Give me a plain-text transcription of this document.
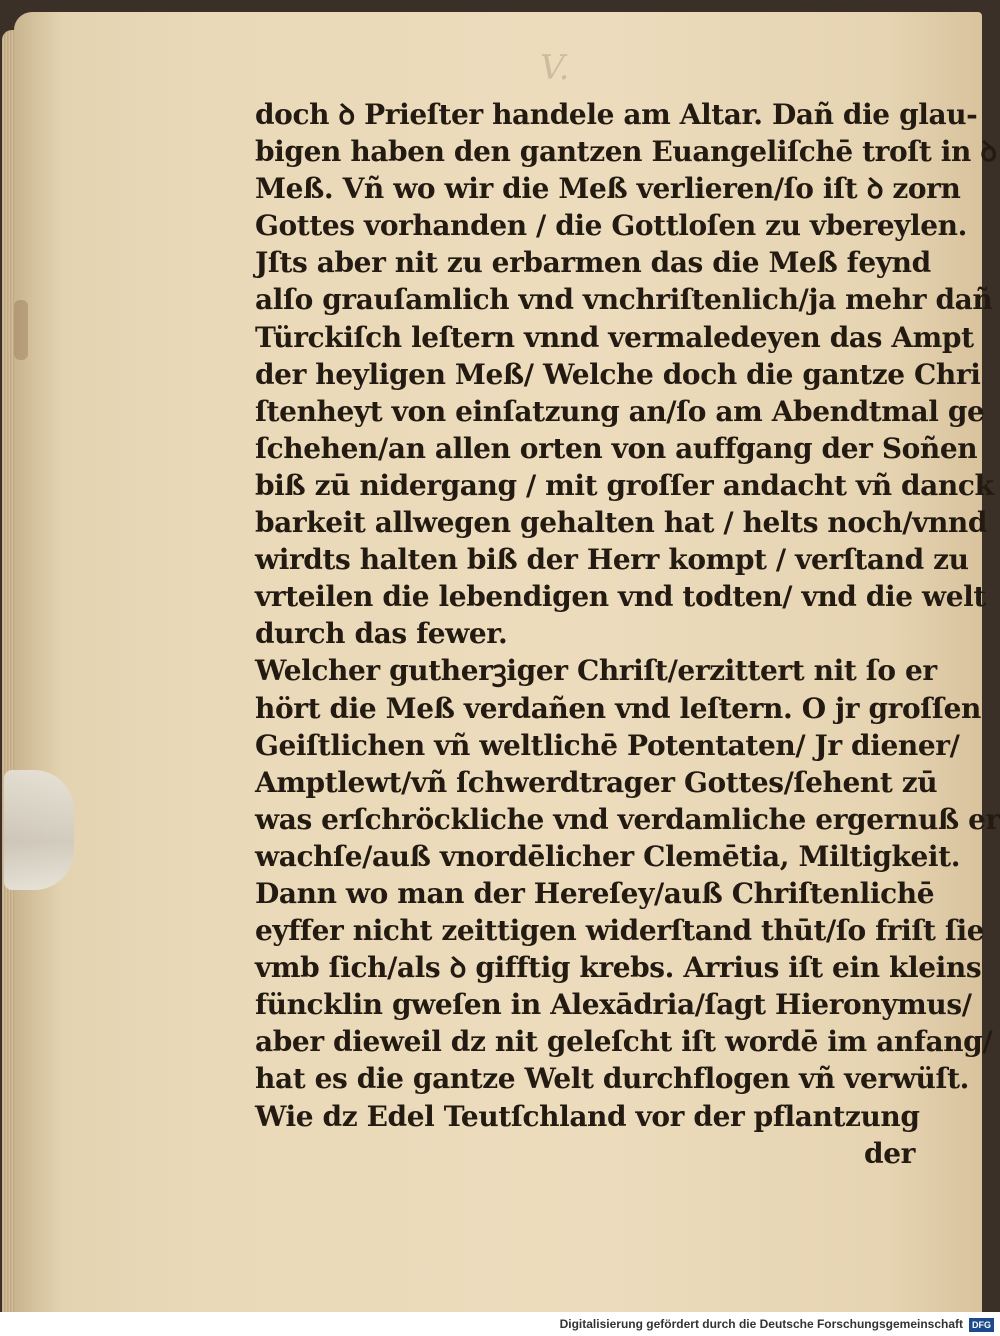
V.
doch ꝺ Prieſter handele am Altar. Dañ die glau-
bigen haben den gantzen Euangeliſchē troſt in ꝺ
Meß. Vñ wo wir die Meß verlieren/ſo iſt ꝺ zorn
Gottes vorhanden / die Gottloſen zu vbereylen.
Jſts aber nit zu erbarmen das die Meß feynd
alſo grauſamlich vnd vnchriſtenlich/ja mehr dañ
Türckiſch leſtern vnnd vermaledeyen das Ampt
der heyligen Meß/ Welche doch die gantze Chri
ſtenheyt von einſatzung an/ſo am Abendtmal ge
ſchehen/an allen orten von auffgang der Soñen
biß zū nidergang / mit groſſer andacht vñ danck
barkeit allwegen gehalten hat / helts noch/vnnd
wirdts halten biß der Herr kompt / verſtand zu
vrteilen die lebendigen vnd todten/ vnd die welt
durch das fewer.
Welcher gutherꝫiger Chriſt/erzittert nit ſo er
hört die Meß verdañen vnd leſtern. O jr groſſen
Geiſtlichen vñ weltlichē Potentaten/ Jr diener/
Amptlewt/vñ ſchwerdtrager Gottes/ſehent zū
was erſchröckliche vnd verdamliche ergernuß er
wachſe/auß vnordēlicher Clemētia, Miltigkeit.
Dann wo man der Hereſey/auß Chriſtenlichē
eyffer nicht zeittigen widerſtand thūt/ſo friſt ſie
vmb ſich/als ꝺ gifftig krebs. Arrius iſt ein kleins
füncklin gweſen in Alexādria/ſagt Hieronymus/
aber dieweil dz nit geleſcht iſt wordē im anfang/
hat es die gantze Welt durchflogen vñ verwüſt.
Wie dz Edel Teutſchland vor der pflantzung
der
Digitalisierung gefördert durch die Deutsche Forschungsgemeinschaft DFG
